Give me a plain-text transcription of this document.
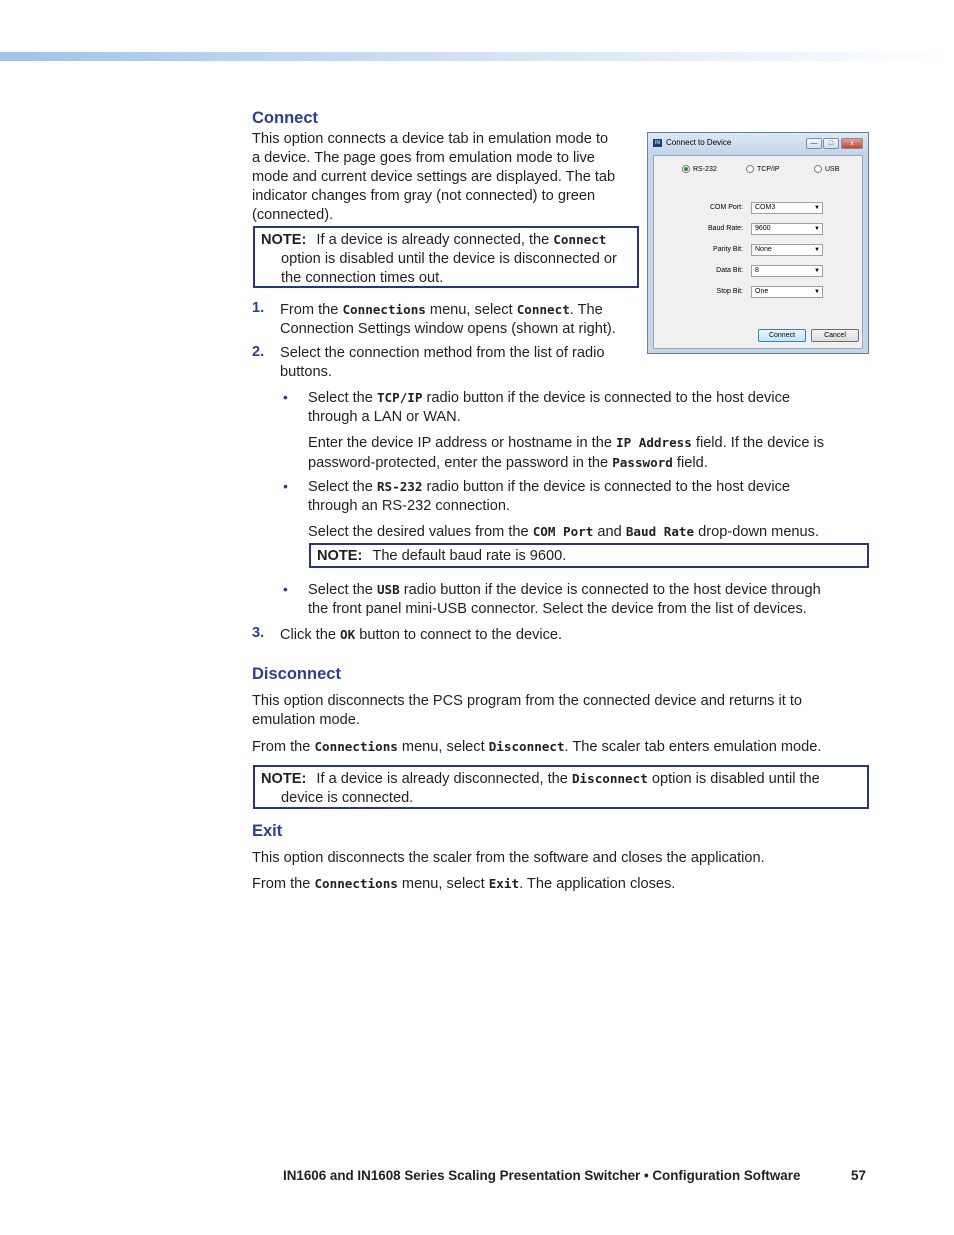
Connect
This option connects a device tab in emulation mode to
a device. The page goes from emulation mode to live
mode and current device settings are displayed. The tab
indicator changes from gray (not connected) to green
(connected).
NOTE: If a device is already connected, the Connect
option is disabled until the device is disconnected or
the connection times out.
1. From the Connections menu, select Connect. The
Connection Settings window opens (shown at right).
2. Select the connection method from the list of radio
buttons.
• Select the TCP/IP radio button if the device is connected to the host device
through a LAN or WAN.
Enter the device IP address or hostname in the IP Address field. If the device is
password-protected, enter the password in the Password field.
• Select the RS-232 radio button if the device is connected to the host device
through an RS-232 connection.
Select the desired values from the COM Port and Baud Rate drop-down menus.
NOTE: The default baud rate is 9600.
• Select the USB radio button if the device is connected to the host device through
the front panel mini-USB connector. Select the device from the list of devices.
3. Click the OK button to connect to the device.
Disconnect
This option disconnects the PCS program from the connected device and returns it to
emulation mode.
From the Connections menu, select Disconnect. The scaler tab enters emulation mode.
NOTE: If a device is already disconnected, the Disconnect option is disabled until the
device is connected.
Exit
This option disconnects the scaler from the software and closes the application.
From the Connections menu, select Exit. The application closes.
IN Connect to Device	—	□	x
RS-232	TCP/IP	USB
COM Port:	COM3	▼
Baud Rate:	9600	▼
Parity Bit:	None	▼
Data Bit:	8	▼
Stop Bit:	One	▼
Connect	Cancel
IN1606 and IN1608 Series Scaling Presentation Switcher • Configuration Software	57
